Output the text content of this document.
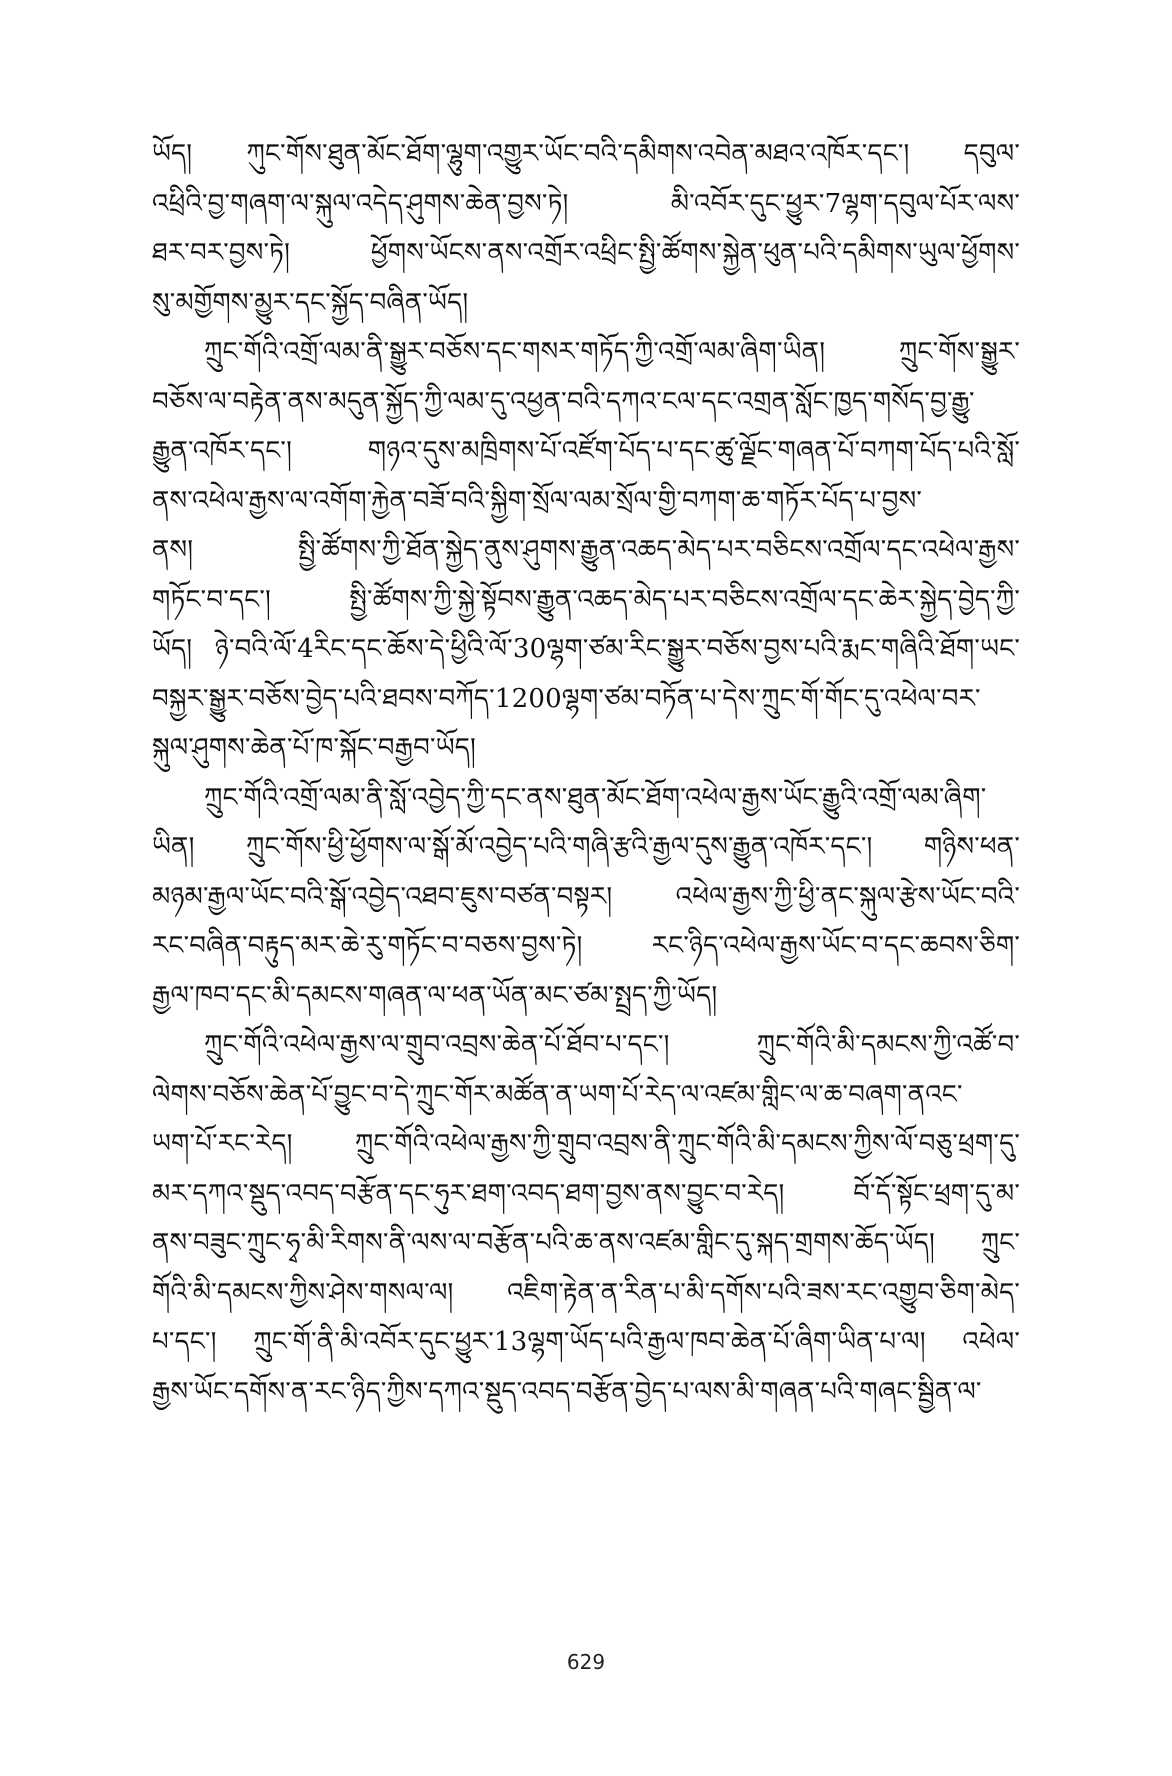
ཡོད། ཀུང་གོས་ཐུན་མོང་ཐོག་ལྷུག་འགྱུར་ཡོང་བའི་དམིགས་འབེན་མཐའ་འཁོར་དང་། དབུལ་
འཕྲིའི་བྱ་གཞག་ལ་སྐུལ་འདེད་ཤུགས་ཆེན་བྱས་ཏེ། མི་འབོར་དུང་ཕྱུར་7ལྷག་དབུལ་པོར་ལས་
ཐར་བར་བྱས་ཏེ། ཕྱོགས་ཡོངས་ནས་འགྲོར་འཕྲིང་སྤྱི་ཚོགས་སྐྱེན་ཕུན་པའི་དམིགས་ཡུལ་ཕྱོགས་
སུ་མགྱོགས་མྱུར་དང་སྐྱོད་བཞིན་ཡོད།
ཀྲུང་གོའི་འགྲོ་ལམ་ནི་སྒྱུར་བཅོས་དང་གསར་གཏོད་ཀྱི་འགྲོ་ལམ་ཞིག་ཡིན། ཀྲུང་གོས་སྒྱུར་
བཅོས་ལ་བརྟེན་ནས་མདུན་སྐྱོད་ཀྱི་ལམ་དུ་འཕྱན་བའི་དཀའ་ངལ་དང་འགྲན་སློང་ཁྱད་གསོད་བྱ་རྒྱུ་
རྒྱུན་འཁོར་དང་། གཉའ་དུས་མཁྲིགས་པོ་འཛོག་པོད་པ་དང་ཚུ་ལྗོང་གཞན་པོ་བཀག་པོད་པའི་སློ་
ནས་འཕེལ་རྒྱས་ལ་འགོག་རྐྱེན་བཟོ་བའི་སྐྱིག་སྲོལ་ལམ་སྲོལ་གྱི་བཀག་ཆ་གཏོར་པོད་པ་བྱས་
ནས། སྤྱི་ཚོགས་ཀྱི་ཐོན་སྐྱེད་ནུས་ཤུགས་རྒྱུན་འཆད་མེད་པར་བཅིངས་འགྲོལ་དང་འཕེལ་རྒྱས་
གཏོང་བ་དང་། སྤྱི་ཚོགས་ཀྱི་སྐྱེ་སྟོབས་རྒྱུན་འཆད་མེད་པར་བཅིངས་འགྲོལ་དང་ཆེར་སྐྱེད་བྱེད་ཀྱི་
ཡོད། ཉེ་བའི་ལོ་4རིང་དང་ཆོས་དེ་ཕྱིའི་ལོ་30ལྷག་ཙམ་རིང་སྒྱུར་བཅོས་བྱས་པའི་རྨང་གཞིའི་ཐོག་ཡང་
བསྐྱར་སྒྱུར་བཅོས་བྱེད་པའི་ཐབས་བཀོད་1200ལྷག་ཙམ་བཏོན་པ་དེས་ཀྲུང་གོ་གོང་དུ་འཕེལ་བར་
སྐུལ་ཤུགས་ཆེན་པོ་ཁ་སྐོང་བརྒྱབ་ཡོད།
ཀྲུང་གོའི་འགྲོ་ལམ་ནི་སློ་འབྱེད་ཀྱི་དང་ནས་ཐུན་མོང་ཐོག་འཕེལ་རྒྱས་ཡོང་རྒྱུའི་འགྲོ་ལམ་ཞིག་
ཡིན། ཀྲུང་གོས་ཕྱི་ཕྱོགས་ལ་སྒོ་མོ་འབྱེད་པའི་གཞི་རྩའི་རྒྱལ་དུས་རྒྱུན་འཁོར་དང་། གཉིས་ཕན་
མཉམ་རྒྱལ་ཡོང་བའི་སྒོ་འབྱེད་འཐབ་ཇུས་བཙན་བསྟར། འཕེལ་རྒྱས་ཀྱི་ཕྱི་ནང་སྐུལ་རྩེས་ཡོང་བའི་
རང་བཞིན་བརྟུད་མར་ཆེ་རུ་གཏོང་བ་བཅས་བྱས་ཏེ། རང་ཉིད་འཕེལ་རྒྱས་ཡོང་བ་དང་ཆབས་ཅིག་
རྒྱལ་ཁབ་དང་མི་དམངས་གཞན་ལ་ཕན་ཡོན་མང་ཙམ་སྤྲད་ཀྱི་ཡོད།
ཀྲུང་གོའི་འཕེལ་རྒྱས་ལ་གྲུབ་འབྲས་ཆེན་པོ་ཐོབ་པ་དང་། ཀྲུང་གོའི་མི་དམངས་ཀྱི་འཚོ་བ་
ལེགས་བཅོས་ཆེན་པོ་བྱུང་བ་དེ་ཀྲུང་གོར་མཚོན་ན་ཡག་པོ་རེད་ལ་འཛམ་གླིང་ལ་ཆ་བཞག་ནའང་
ཡག་པོ་རང་རེད། ཀྲུང་གོའི་འཕེལ་རྒྱས་ཀྱི་གྲུབ་འབྲས་ནི་ཀྲུང་གོའི་མི་དམངས་ཀྱིས་ལོ་བཅུ་ཕྲག་དུ་
མར་དཀའ་སྡུད་འབད་བརྩོན་དང་ཧུར་ཐག་འབད་ཐག་བྱས་ནས་བྱུང་བ་རེད། བོ་དོ་སྟོང་ཕྲག་དུ་མ་
ནས་བཟུང་ཀྲུང་ཧྭ་མི་རིགས་ནི་ལས་ལ་བརྩོན་པའི་ཆ་ནས་འཛམ་གླིང་དུ་སྐད་གྲགས་ཆོད་ཡོད། ཀྲུང་
གོའི་མི་དམངས་ཀྱིས་ཤེས་གསལ་ལ། འཇིག་རྟེན་ན་རིན་པ་མི་དགོས་པའི་ཟས་རང་འགྱུབ་ཅིག་མེད་
པ་དང་། ཀྲུང་གོ་ནི་མི་འབོར་དུང་ཕྱུར་13ལྷག་ཡོད་པའི་རྒྱལ་ཁབ་ཆེན་པོ་ཞིག་ཡིན་པ་ལ། འཕེལ་
རྒྱས་ཡོང་དགོས་ན་རང་ཉིད་ཀྱིས་དཀའ་སྡུད་འབད་བརྩོན་བྱེད་པ་ལས་མི་གཞན་པའི་གཞང་སྦྱིན་ལ་
629
